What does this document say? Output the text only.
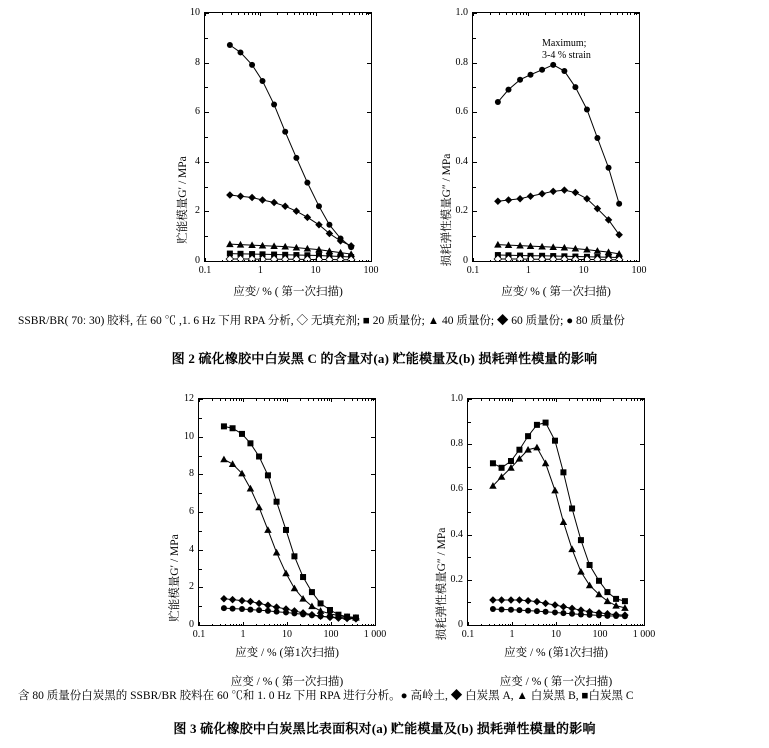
0.1	1	10	100
0
2
4
6
8
10
应变/ % ( 第一次扫描)
贮能模量G′ / MPa
0.1	1	10	100
0
0.2
0.4
0.6
0.8
1.0
Maximum;
3-4 % strain
应变/ % ( 第一次扫描)
损耗弹性模量G″ / MPa
SSBR/BR( 70ː 30) 胶料, 在 60 ℃ ,1. 6 Hz 下用 RPA 分析, ◇ 无填充剂; ■ 20 质量份; ▲ 40 质量份; ◆ 60 质量份; ● 80 质量份
图 2 硫化橡胶中白炭黑 C 的含量对(a) 贮能模量及(b) 损耗弹性模量的影响
0.1	1	10	100	1 000
0
2
4
6
8
10
12
应变 / % (第1次扫描)
应变 / % ( 第一次扫描)
贮能模量G′ / MPa
0.1	1	10	100	1 000
0
0.2
0.4
0.6
0.8
1.0
应变 / % (第1次扫描)
应变 / % ( 第一次扫描)
损耗弹性模量G″ / MPa
含 80 质量份白炭黑的 SSBR/BR 胶料在 60 ℃和 1. 0 Hz 下用 RPA 进行分析。● 高岭土, ◆ 白炭黑 A, ▲ 白炭黑 B, ■白炭黑 C
图 3 硫化橡胶中白炭黑比表面积对(a) 贮能模量及(b) 损耗弹性模量的影响
